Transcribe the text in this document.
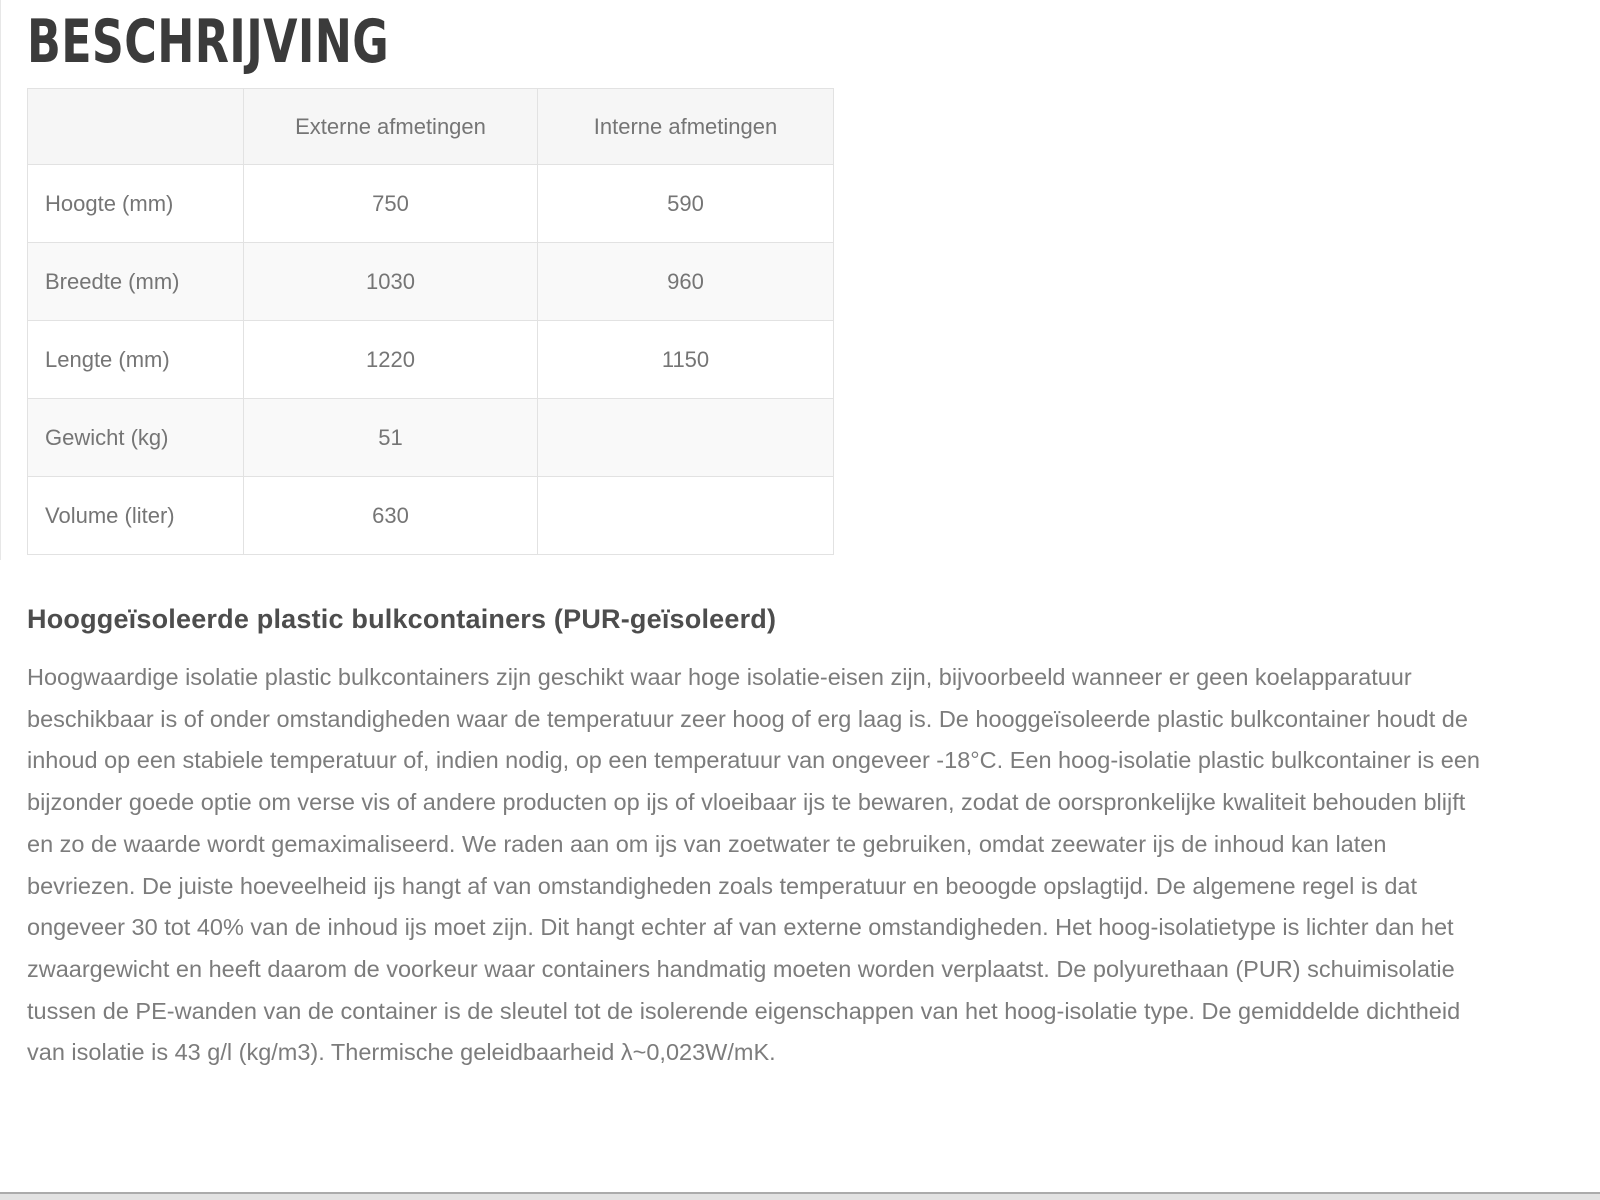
BESCHRIJVING
	Externe afmetingen	Interne afmetingen
Hoogte (mm)	750	590
Breedte (mm)	1030	960
Lengte (mm)	1220	1150
Gewicht (kg)	51	
Volume (liter)	630	
Hooggeïsoleerde plastic bulkcontainers (PUR-geïsoleerd)

Hoogwaardige isolatie plastic bulkcontainers zijn geschikt waar hoge isolatie-eisen zijn, bijvoorbeeld wanneer er geen koelapparatuur beschikbaar is of onder omstandigheden waar de temperatuur zeer hoog of erg laag is. De hooggeïsoleerde plastic bulkcontainer houdt de inhoud op een stabiele temperatuur of, indien nodig, op een temperatuur van ongeveer -18°C. Een hoog-isolatie plastic bulkcontainer is een bijzonder goede optie om verse vis of andere producten op ijs of vloeibaar ijs te bewaren, zodat de oorspronkelijke kwaliteit behouden blijft en zo de waarde wordt gemaximaliseerd. We raden aan om ijs van zoetwater te gebruiken, omdat zeewater ijs de inhoud kan laten bevriezen. De juiste hoeveelheid ijs hangt af van omstandigheden zoals temperatuur en beoogde opslagtijd. De algemene regel is dat ongeveer 30 tot 40% van de inhoud ijs moet zijn. Dit hangt echter af van externe omstandigheden. Het hoog-isolatietype is lichter dan het zwaargewicht en heeft daarom de voorkeur waar containers handmatig moeten worden verplaatst. De polyurethaan (PUR) schuimisolatie tussen de PE-wanden van de container is de sleutel tot de isolerende eigenschappen van het hoog-isolatie type. De gemiddelde dichtheid van isolatie is 43 g/l (kg/m3). Thermische geleidbaarheid λ~0,023W/mK.
